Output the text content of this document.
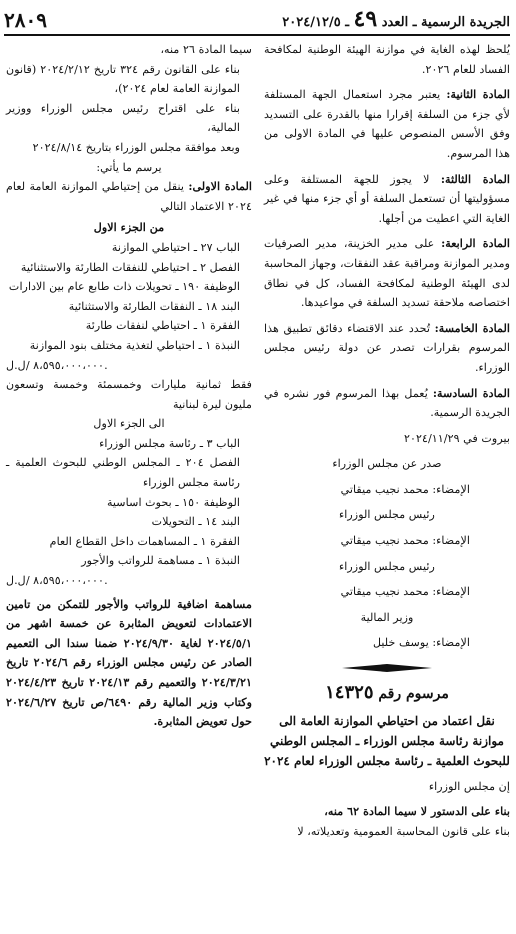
الجريدة الرسمية ـ العدد ٤٩ ـ ٢٠٢٤/١٢/٥
٢٨٠٩

يُلحظ لهذه الغاية في موازنة الهيئة الوطنية لمكافحة الفساد للعام ٢٠٢٦.

المادة الثانية: يعتبر مجرد استعمال الجهة المستلفة لأي جزء من السلفة إقرارا منها بالقدرة على التسديد وفق الأسس المنصوص عليها في المادة الاولى من هذا المرسوم.

المادة الثالثة: لا يجوز للجهة المستلفة وعلى مسؤوليتها أن تستعمل السلفة أو أي جزء منها في غير الغاية التي اعطيت من أجلها.

المادة الرابعة: على مدير الخزينة، مدير الصرفيات ومدير الموازنة ومراقبة عقد النفقات، وجهاز المحاسبة لدى الهيئة الوطنية لمكافحة الفساد، كل في نطاق اختصاصه ملاحقة تسديد السلفة في مواعيدها.

المادة الخامسة: تُحدد عند الاقتضاء دقائق تطبيق هذا المرسوم بقرارات تصدر عن دولة رئيس مجلس الوزراء.

المادة السادسة: يُعمل بهذا المرسوم فور نشره في الجريدة الرسمية.

بيروت في ٢٠٢٤/١١/٢٩

صدر عن مجلس الوزراء

الإمضاء: محمد نجيب ميقاتي

رئيس مجلس الوزراء

الإمضاء: محمد نجيب ميقاتي

رئيس مجلس الوزراء

الإمضاء: محمد نجيب ميقاتي

وزير المالية

الإمضاء: يوسف خليل

مرسوم رقم ١٤٣٢٥

نقل اعتماد من احتياطي الموازنة العامة الى موازنة رئاسة مجلس الوزراء ـ المجلس الوطني للبحوث العلمية ـ رئاسة مجلس الوزراء لعام ٢٠٢٤

إن مجلس الوزراء

بناء على الدستور لا سيما المادة ٦٢ منه،

بناء على قانون المحاسبة العمومية وتعديلاته، لا

سيما المادة ٢٦ منه،

بناء على القانون رقم ٣٢٤ تاريخ ٢٠٢٤/٢/١٢ (قانون الموازنة العامة لعام ٢٠٢٤)،

بناء على اقتراح رئيس مجلس الوزراء ووزير المالية،

وبعد موافقة مجلس الوزراء بتاريخ ٢٠٢٤/٨/١٤

يرسم ما يأتي:

المادة الاولى: ينقل من إحتياطي الموازنة العامة لعام ٢٠٢٤ الاعتماد التالي

من الجزء الاول

الباب ٢٧ ـ احتياطي الموازنة

الفصل ٢ ـ احتياطي للنفقات الطارئة والاستثنائية

الوظيفة ١٩٠ ـ تحويلات ذات طابع عام بين الادارات

البند ١٨ ـ النفقات الطارئة والاستثنائية

الفقرة ١ ـ احتياطي لنفقات طارئة

النبذة ١ ـ احتياطي لتغذية مختلف بنود الموازنة

٨،٥٩٥،٠٠٠،٠٠٠ /ل.ل.

فقط ثمانية مليارات وخمسمئة وخمسة وتسعون مليون ليرة لبنانية

الى الجزء الاول

الباب ٣ ـ رئاسة مجلس الوزراء

الفصل ٢٠٤ ـ المجلس الوطني للبحوث العلمية ـ رئاسة مجلس الوزراء

الوظيفة ١٥٠ ـ بحوث اساسية

البند ١٤ ـ التحويلات

الفقرة ١ ـ المساهمات داخل القطاع العام

النبذة ١ ـ مساهمة للرواتب والأجور

٨،٥٩٥،٠٠٠،٠٠٠ /ل.ل.

مساهمة اضافية للرواتب والأجور للتمكن من تامين الاعتمادات لتعويض المثابرة عن خمسة اشهر من ٢٠٢٤/٥/١ لغاية ٢٠٢٤/٩/٣٠ ضمنا سندا الى التعميم الصادر عن رئيس مجلس الوزراء رقم ٢٠٢٤/٦ تاريخ ٢٠٢٤/٣/٢١ والتعميم رقم ٢٠٢٤/١٣ تاريخ ٢٠٢٤/٤/٢٣ وكتاب وزير المالية رقم ٦٤٩٠/ص تاريخ ٢٠٢٤/٦/٢٧ حول تعويض المثابرة.
